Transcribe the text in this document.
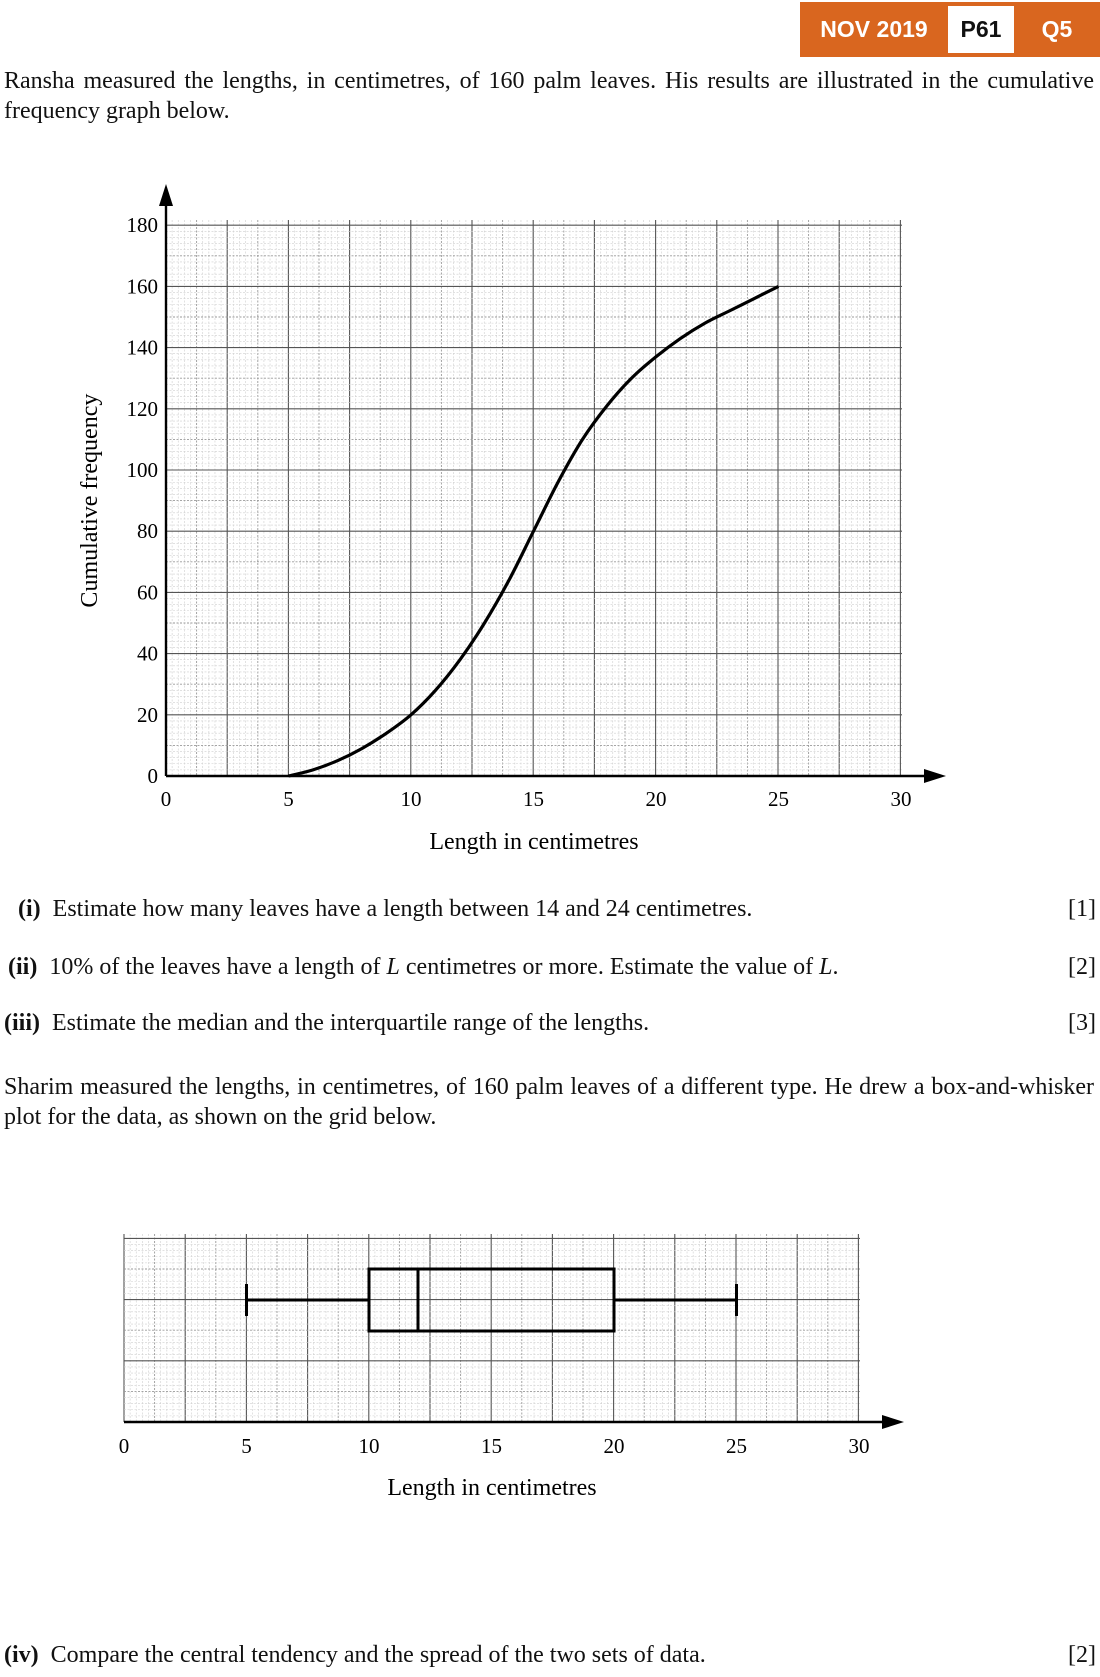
NOV 2019	P61	Q5
Ransha measured the lengths, in centimetres, of 160 palm leaves. His results are illustrated in the cumulative frequency graph below.
0	5	10	15	20	25	30
0
20
40
60
80
100
120
140
160
180
Length in centimetres
Cumulative frequency
(i) Estimate how many leaves have a length between 14 and 24 centimetres.	[1]
(ii) 10% of the leaves have a length of L centimetres or more. Estimate the value of L.	[2]
(iii) Estimate the median and the interquartile range of the lengths.	[3]
Sharim measured the lengths, in centimetres, of 160 palm leaves of a different type. He drew a box-and-whisker plot for the data, as shown on the grid below.
0	5	10	15	20	25	30
Length in centimetres
(iv) Compare the central tendency and the spread of the two sets of data.	[2]
